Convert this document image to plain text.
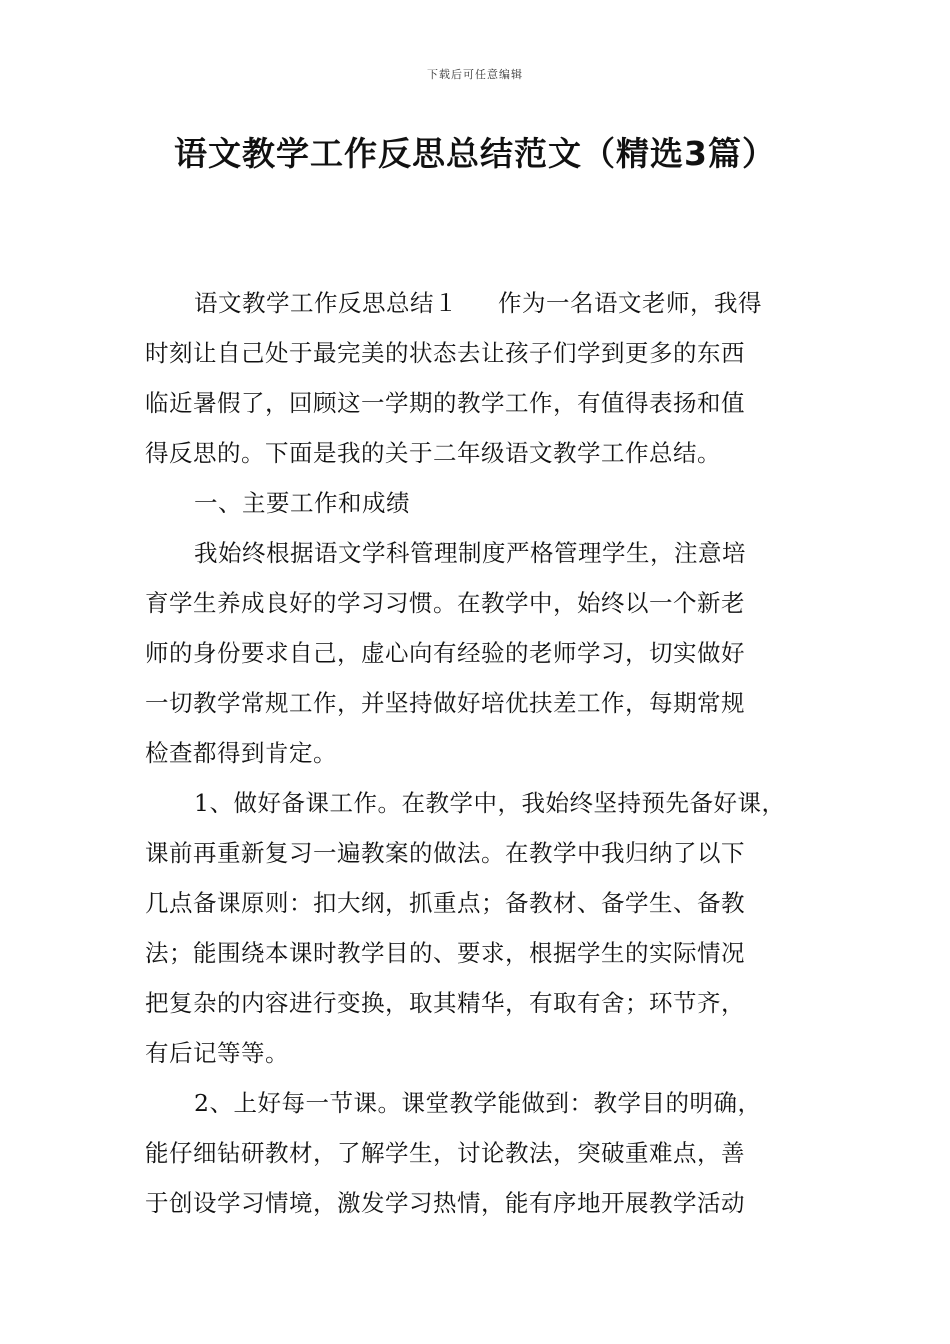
下载后可任意编辑
语文教学工作反思总结范文（精选3篇）
语文教学工作反思总结１ 作为一名语文老师，我得
时刻让自己处于最完美的状态去让孩子们学到更多的东西
临近暑假了，回顾这一学期的教学工作，有值得表扬和值
得反思的。下面是我的关于二年级语文教学工作总结。
一、主要工作和成绩
我始终根据语文学科管理制度严格管理学生，注意培
育学生养成良好的学习习惯。在教学中，始终以一个新老
师的身份要求自己，虚心向有经验的老师学习，切实做好
一切教学常规工作，并坚持做好培优扶差工作，每期常规
检查都得到肯定。
1、做好备课工作。在教学中，我始终坚持预先备好课，
课前再重新复习一遍教案的做法。在教学中我归纳了以下
几点备课原则：扣大纲，抓重点；备教材、备学生、备教
法；能围绕本课时教学目的、要求，根据学生的实际情况
把复杂的内容进行变换，取其精华，有取有舍；环节齐，
有后记等等。
2、上好每一节课。课堂教学能做到：教学目的明确，
能仔细钻研教材，了解学生，讨论教法，突破重难点，善
于创设学习情境，激发学习热情，能有序地开展教学活动
